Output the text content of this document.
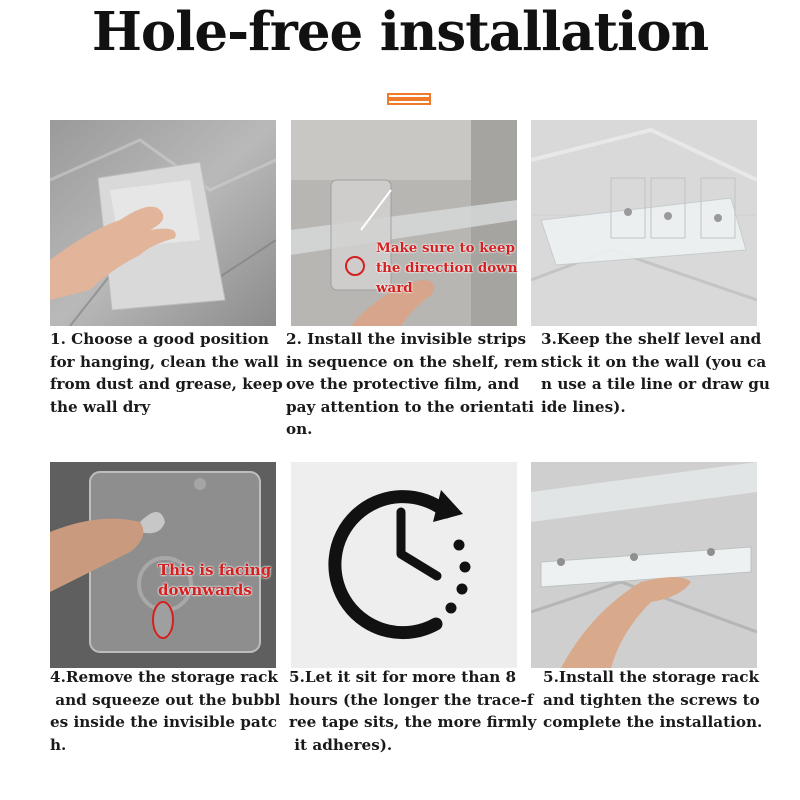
Hole-free installation
Make sure to keep
the direction down
ward
1. Choose a good position
for hanging, clean the wall
from dust and grease, keep
the wall dry
2. Install the invisible strips
in sequence on the shelf, rem
ove the protective film, and
pay attention to the orientati
on.
3.Keep the shelf level and
stick it on the wall (you ca
n use a tile line or draw gu
ide lines).
This is facing
downwards
4.Remove the storage rack
and squeeze out the bubbl
es inside the invisible patc
h.
5.Let it sit for more than 8
hours (the longer the trace-f
ree tape sits, the more firmly
it adheres).
5.Install the storage rack
and tighten the screws to
complete the installation.
